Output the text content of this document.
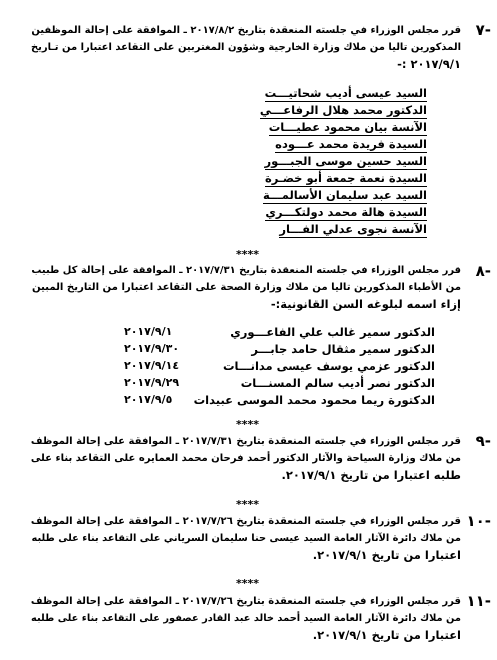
-٧
قرر مجلس الوزراء في جلسته المنعقدة بتاريخ ٢٠١٧/٨/٢ ـ الموافقة على إحالة الموظفين
المذكورين تاليا من ملاك وزارة الخارجية وشؤون المغتربين على التقاعد اعتبارا من تـاريخ
٢٠١٧/٩/١ :-
السيد عيسى أديب شحاتيـــت
الدكتور محمد هلال الرفاعـــي
الآنسة بيان محمود عطيـــات
السيدة فريدة محمد عـــوده
السيد حسين موسى الجبـــور
السيدة نعمة جمعة أبو خضـرة
السيد عبد سليمان الأسالمـــة
السيدة هالة محمد دولتكـــري
الآنسة نجوى عدلي الفـــار
****
-٨
قرر مجلس الوزراء في جلسته المنعقدة بتاريخ ٢٠١٧/٧/٣١ ـ الموافقة على إحالة كل طبيب
من الأطباء المذكورين تاليا من ملاك وزارة الصحة على التقاعد اعتبارا من التاريخ المبين
إزاء اسمه لبلوغه السن القانونية:-
الدكتور سمير غالب علي الفاعـــوري
٢٠١٧/٩/١
الدكتور سمير مثقال حامد جابـــر
٢٠١٧/٩/٣٠
الدكتور عزمي يوسف عيسى مدانـــات
٢٠١٧/٩/١٤
الدكتور نصر أديب سالم المسنـــات
٢٠١٧/٩/٢٩
الدكتورة ريما محمود محمد الموسى عبيدات
٢٠١٧/٩/٥
****
-٩
قرر مجلس الوزراء في جلسته المنعقدة بتاريخ ٢٠١٧/٧/٣١ ـ الموافقة على إحالة الموظف
من ملاك وزارة السياحة والآثار الدكتور أحمد فرحان محمد العمايره على التقاعد بناء على
طلبه اعتبارا من تاريخ ٢٠١٧/٩/١.
****
-١٠
قرر مجلس الوزراء في جلسته المنعقدة بتاريخ ٢٠١٧/٧/٢٦ ـ الموافقة على إحالة الموظف
من ملاك دائرة الآثار العامة السيد عيسى حنا سليمان السرياني على التقاعد بناء على طلبه
اعتبارا من تاريخ ٢٠١٧/٩/١.
****
-١١
قرر مجلس الوزراء في جلسته المنعقدة بتاريخ ٢٠١٧/٧/٢٦ ـ الموافقة على إحالة الموظف
من ملاك دائرة الآثار العامة السيد أحمد خالد عبد القادر عصفور على التقاعد بناء على طلبه
اعتبارا من تاريخ ٢٠١٧/٩/١.
